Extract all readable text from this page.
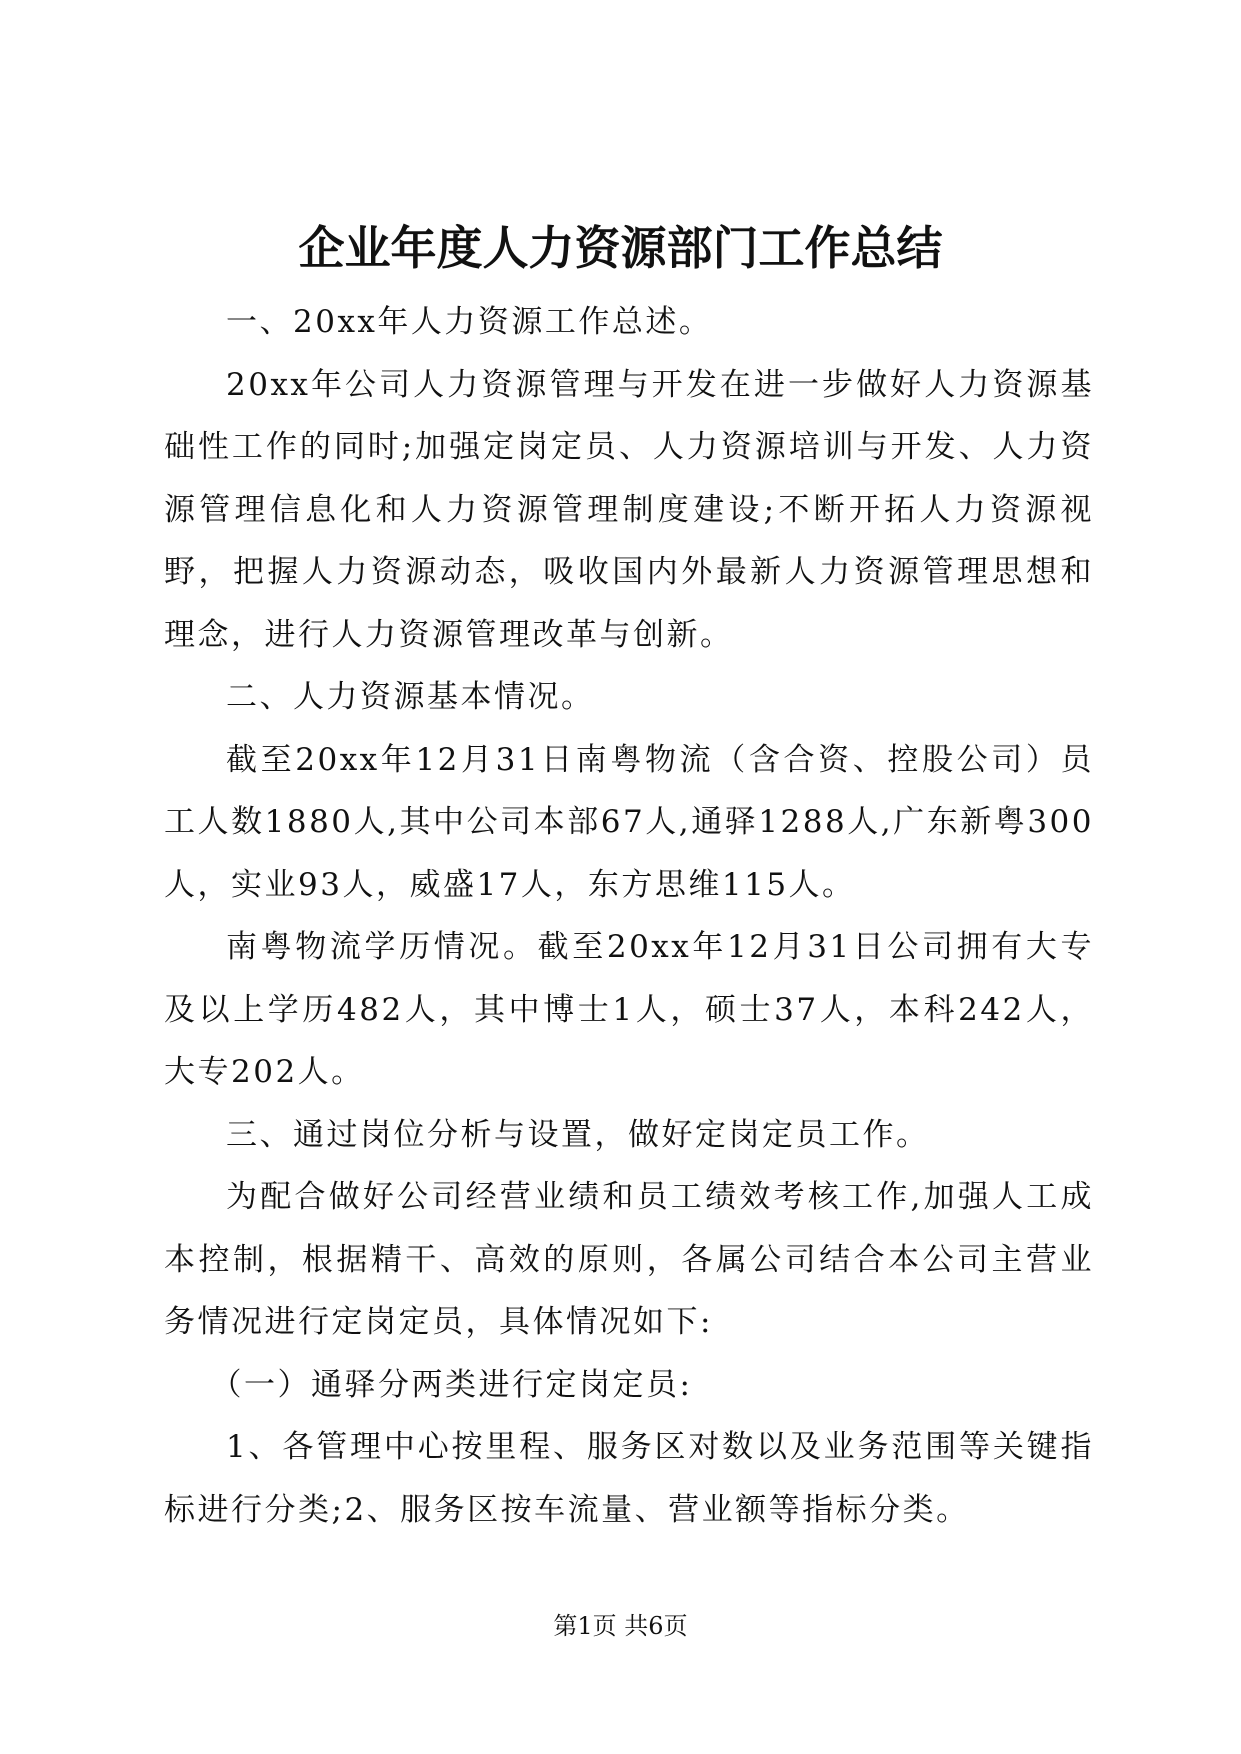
企业年度人力资源部门工作总结

一、20xx年人力资源工作总述。

20xx年公司人力资源管理与开发在进一步做好人力资源基础性工作的同时;加强定岗定员、人力资源培训与开发、人力资源管理信息化和人力资源管理制度建设;不断开拓人力资源视野，把握人力资源动态，吸收国内外最新人力资源管理思想和理念，进行人力资源管理改革与创新。

二、人力资源基本情况。

截至20xx年12月31日南粤物流（含合资、控股公司）员工人数1880人,其中公司本部67人,通驿1288人,广东新粤300人，实业93人，威盛17人，东方思维115人。

南粤物流学历情况。截至20xx年12月31日公司拥有大专及以上学历482人，其中博士1人，硕士37人，本科242人，大专202人。

三、通过岗位分析与设置，做好定岗定员工作。

为配合做好公司经营业绩和员工绩效考核工作,加强人工成本控制，根据精干、高效的原则，各属公司结合本公司主营业务情况进行定岗定员，具体情况如下:

（一）通驿分两类进行定岗定员:

1、各管理中心按里程、服务区对数以及业务范围等关键指标进行分类;2、服务区按车流量、营业额等指标分类。

第1页 共6页
